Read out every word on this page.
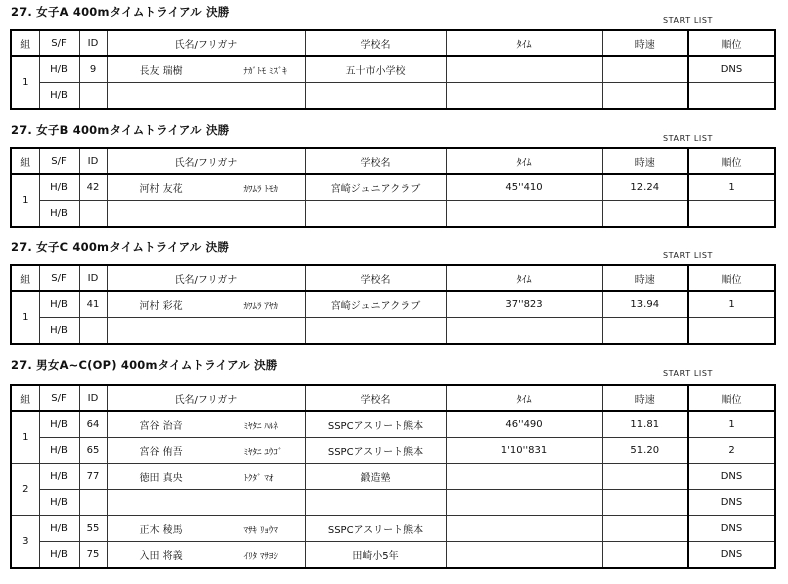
27. 女子A 400mタイムトライアル 決勝
START LIST
組	S/F	ID	氏名/フリガナ	学校名	ﾀｲﾑ	時速	順位
1	H/B	9	長友 瑞樹 ﾅｶﾞﾄﾓ ﾐｽﾞｷ	五十市小学校			DNS
	H/B						
27. 女子B 400mタイムトライアル 決勝
START LIST
組	S/F	ID	氏名/フリガナ	学校名	ﾀｲﾑ	時速	順位
1	H/B	42	河村 友花 ｶﾜﾑﾗ ﾄﾓｶ	宮崎ジュニアクラブ	45''410	12.24	1
	H/B						
27. 女子C 400mタイムトライアル 決勝
START LIST
組	S/F	ID	氏名/フリガナ	学校名	ﾀｲﾑ	時速	順位
1	H/B	41	河村 彩花 ｶﾜﾑﾗ ｱﾔｶ	宮崎ジュニアクラブ	37''823	13.94	1
	H/B						
27. 男女A~C(OP) 400mタイムトライアル 決勝
START LIST
組	S/F	ID	氏名/フリガナ	学校名	ﾀｲﾑ	時速	順位
1	H/B	64	宮谷 治音 ﾐﾔﾀﾆ ﾊﾙﾈ	SSPCアスリート熊本	46''490	11.81	1
	H/B	65	宮谷 侑吾 ﾐﾔﾀﾆ ﾕｳｺﾞ	SSPCアスリート熊本	1'10''831	51.20	2
2	H/B	77	徳田 真央 ﾄｸﾀﾞ ﾏｵ	鍛造塾			DNS
	H/B						DNS
3	H/B	55	正木 稜馬 ﾏｻｷ ﾘｮｳﾏ	SSPCアスリート熊本			DNS
	H/B	75	入田 将義 ｲﾘﾀ ﾏｻﾖｼ	田崎小5年			DNS
